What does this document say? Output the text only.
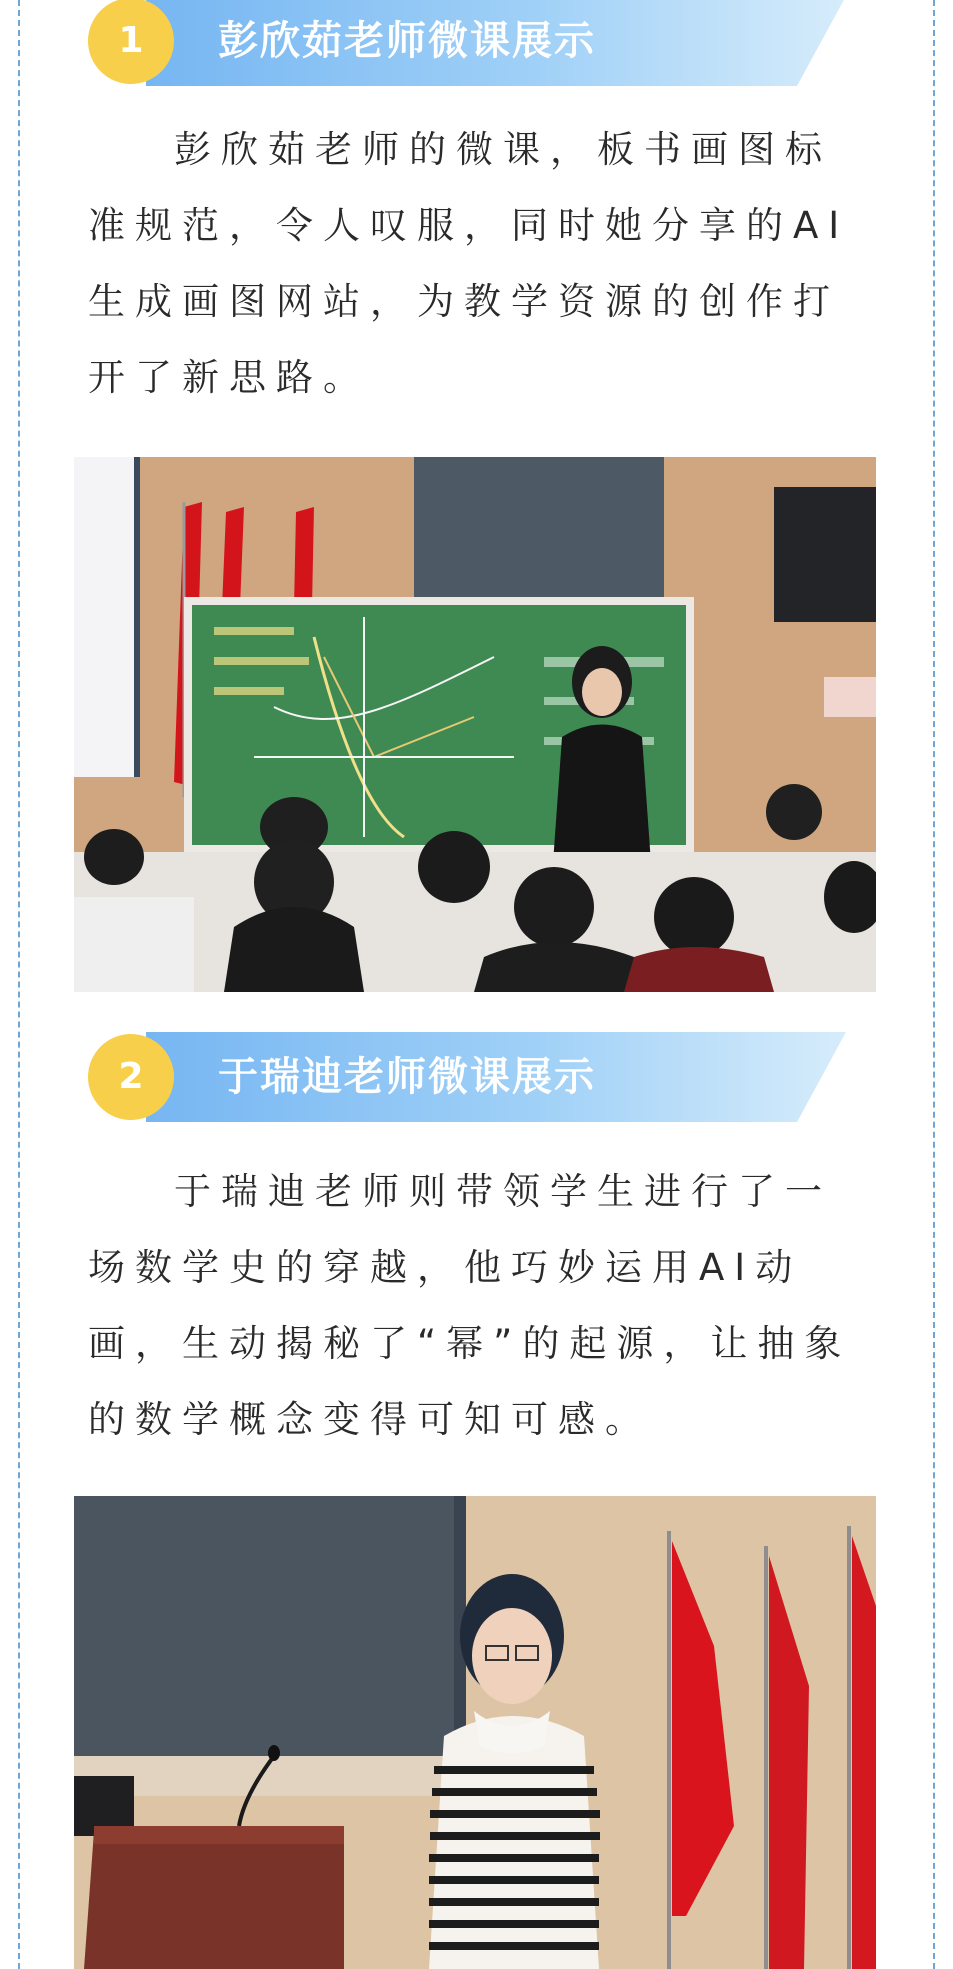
1	彭欣茹老师微课展示

彭欣茹老师的微课，板书画图标准规范，令人叹服，同时她分享的AI生成画图网站，为教学资源的创作打开了新思路。

2	于瑞迪老师微课展示

于瑞迪老师则带领学生进行了一场数学史的穿越，他巧妙运用AI动画，生动揭秘了“幂”的起源，让抽象的数学概念变得可知可感。
